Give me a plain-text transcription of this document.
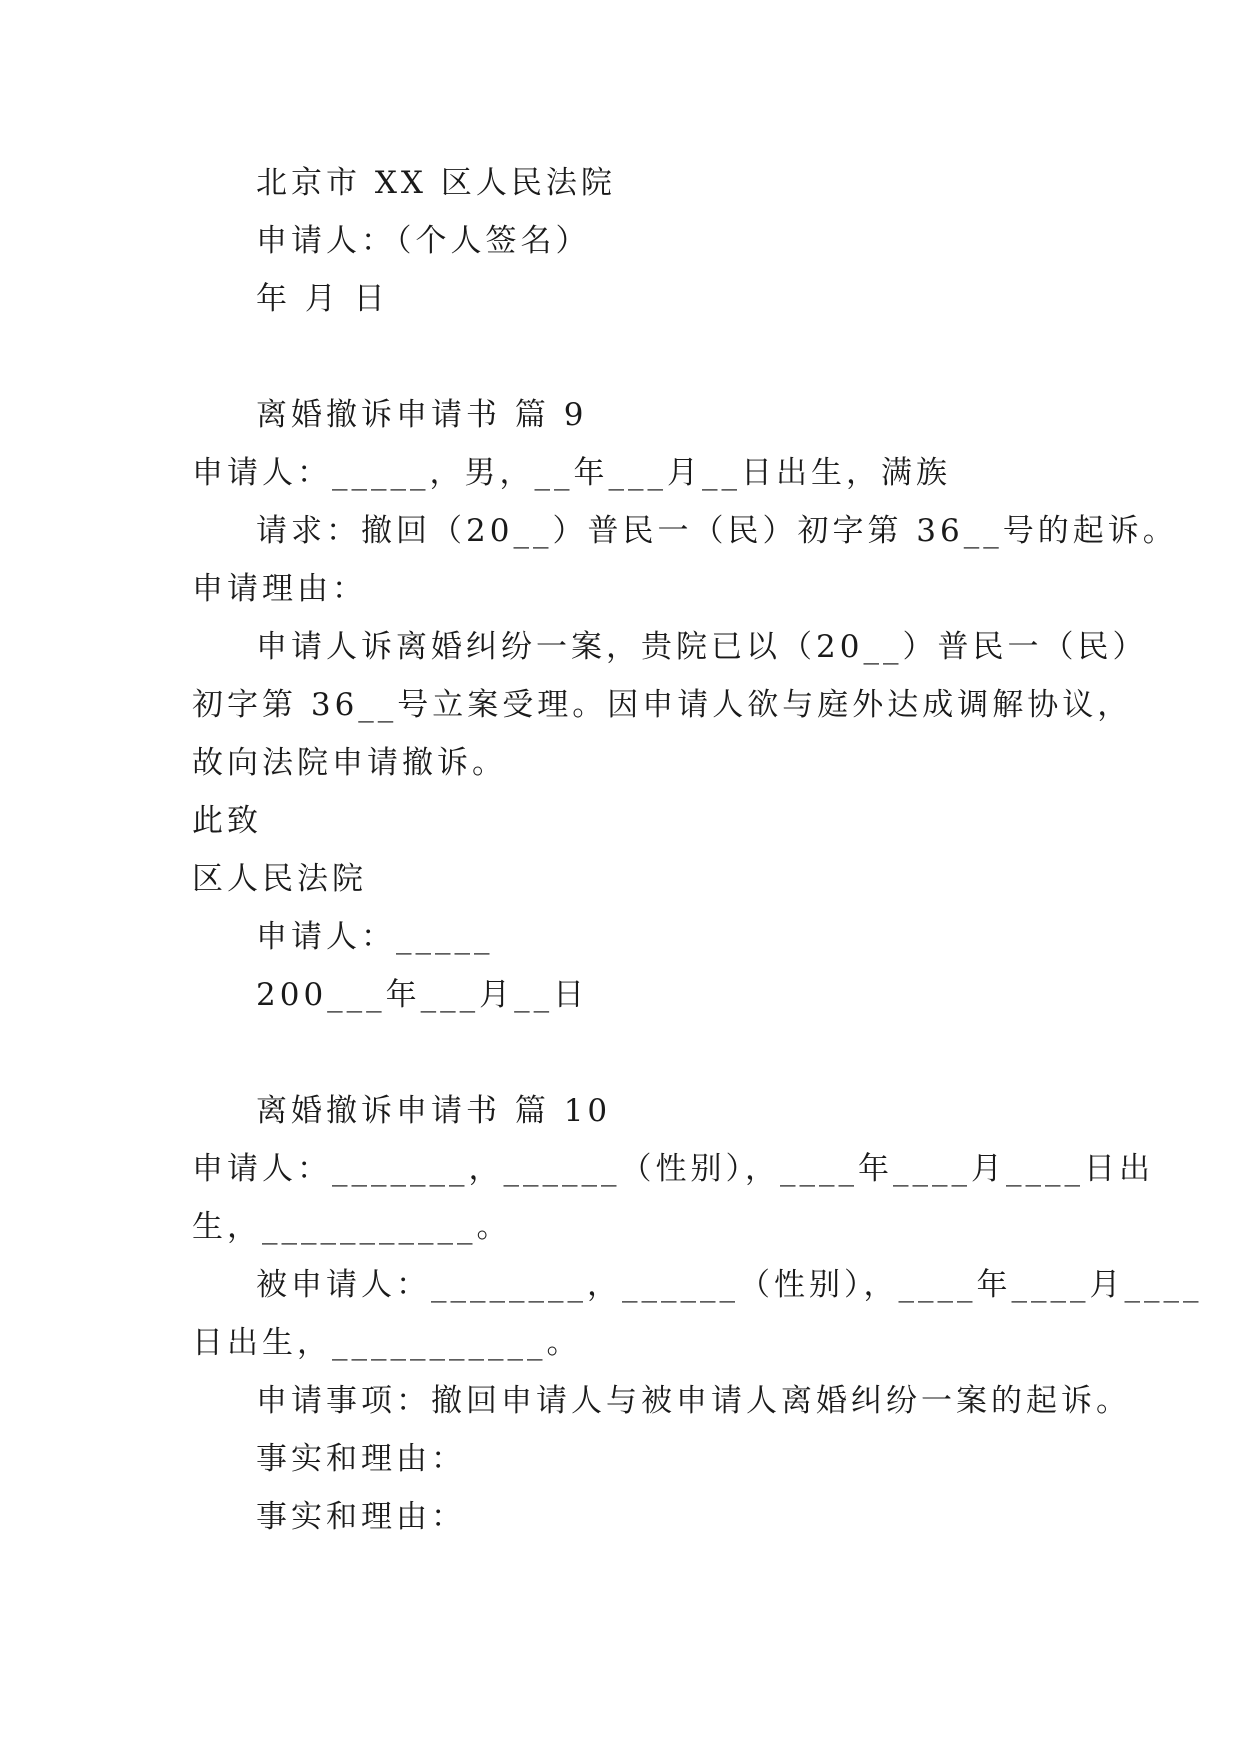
北京市 XX 区人民法院
申请人：（个人签名）
年 月 日
离婚撤诉申请书 篇 9
申请人：_____，男，__年___月__日出生，满族
请求：撤回（20__）普民一（民）初字第 36__号的起诉。
申请理由：
申请人诉离婚纠纷一案，贵院已以（20__）普民一（民）
初字第 36__号立案受理。因申请人欲与庭外达成调解协议，
故向法院申请撤诉。
此致
区人民法院
申请人：_____
200___年___月__日
离婚撤诉申请书 篇 10
申请人：_______，______（性别），____年____月____日出
生，___________。
被申请人：________，______（性别），____年____月____
日出生，___________。
申请事项：撤回申请人与被申请人离婚纠纷一案的起诉。
事实和理由：
事实和理由：
